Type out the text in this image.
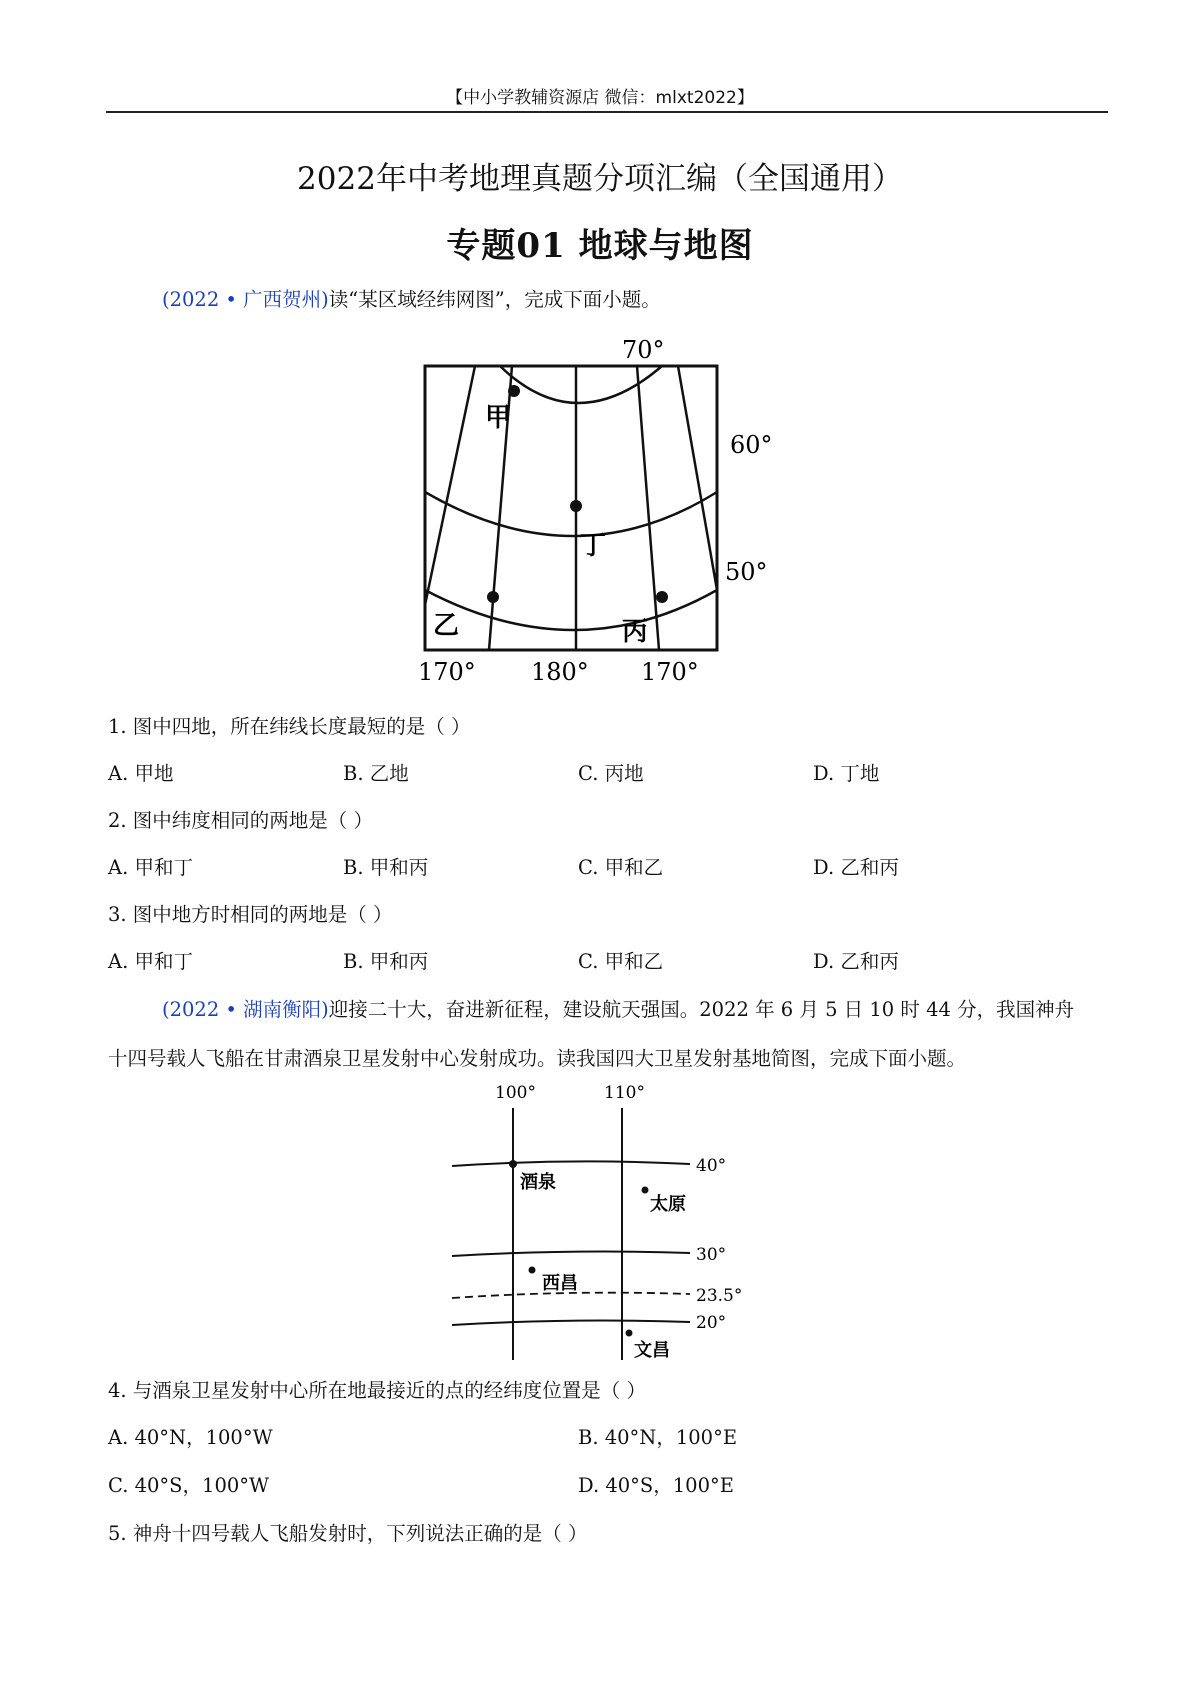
【中小学教辅资源店 微信：mlxt2022】
2022年中考地理真题分项汇编（全国通用）
专题01 地球与地图
(2022 • 广西贺州)读“某区域经纬网图”，完成下面小题。
甲
丁
乙	丙
70°
60°
50°
170° 180° 170°
1. 图中四地，所在纬线长度最短的是（ ）
A. 甲地	B. 乙地	C. 丙地	D. 丁地
2. 图中纬度相同的两地是（ ）
A. 甲和丁	B. 甲和丙	C. 甲和乙	D. 乙和丙
3. 图中地方时相同的两地是（ ）
A. 甲和丁	B. 甲和丙	C. 甲和乙	D. 乙和丙
(2022 • 湖南衡阳)迎接二十大，奋进新征程，建设航天强国。2022 年 6 月 5 日 10 时 44 分，我国神舟
十四号载人飞船在甘肃酒泉卫星发射中心发射成功。读我国四大卫星发射基地简图，完成下面小题。
100°	110°
40°
30°
23.5°
20°
酒泉
太原
西昌
文昌
4. 与酒泉卫星发射中心所在地最接近的点的经纬度位置是（ ）
A. 40°N，100°W	B. 40°N，100°E
C. 40°S，100°W	D. 40°S，100°E
5. 神舟十四号载人飞船发射时，下列说法正确的是（ ）
